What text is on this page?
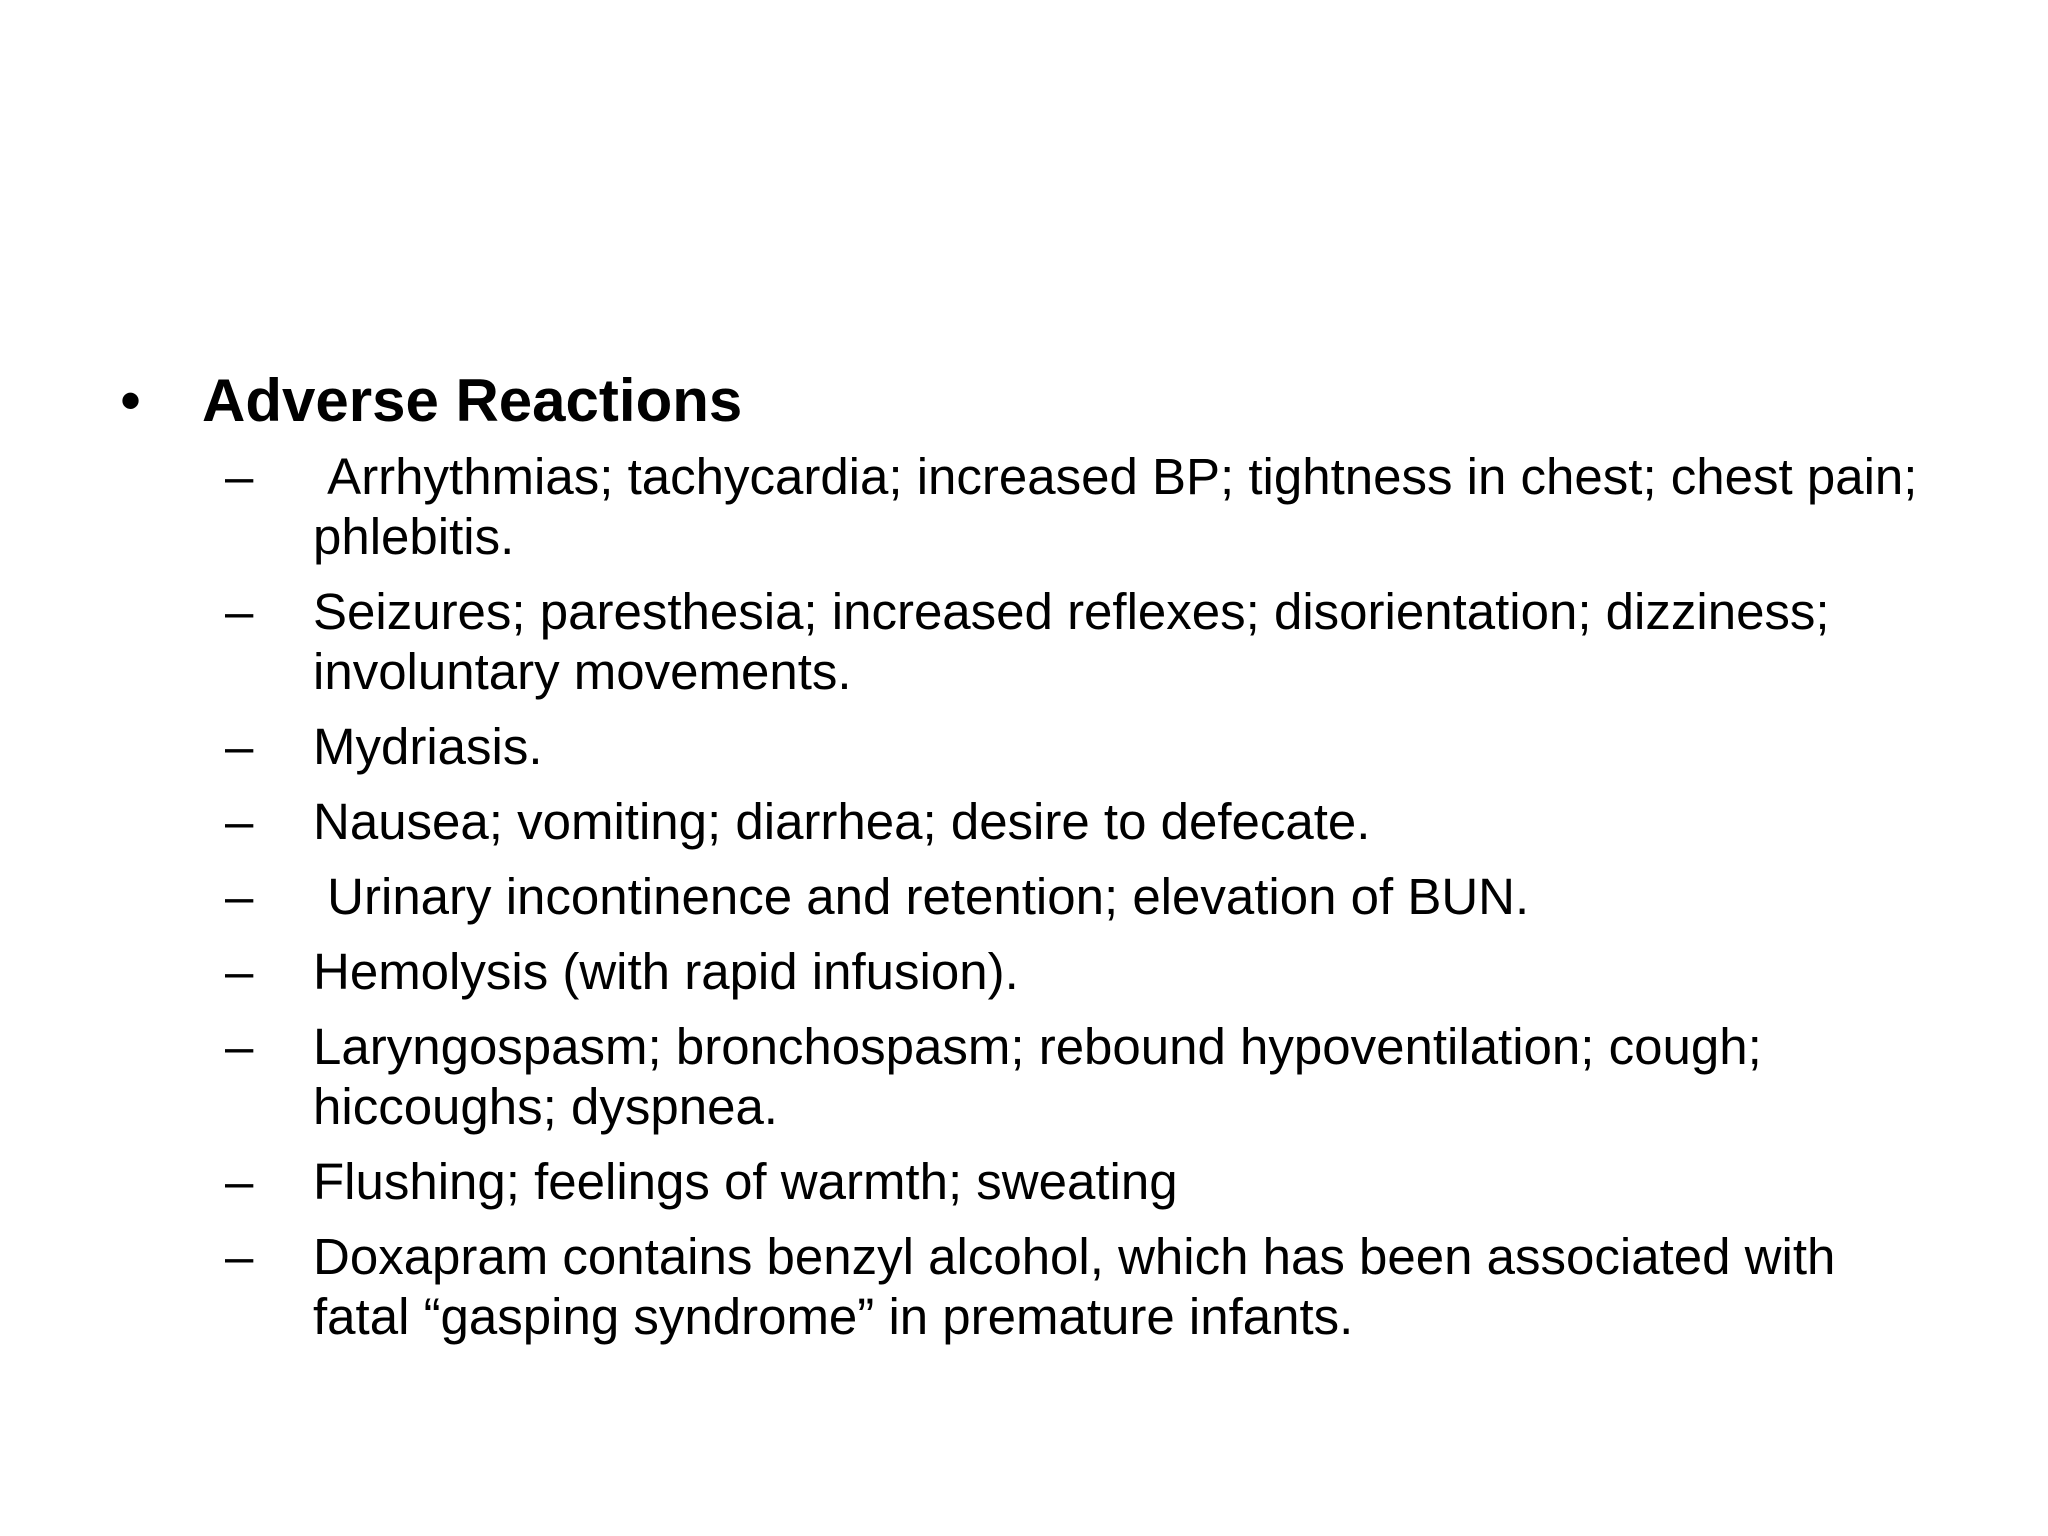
•	Adverse Reactions
–	Arrhythmias; tachycardia; increased BP; tightness in chest; chest pain; phlebitis.
–	Seizures; paresthesia; increased reflexes; disorientation; dizziness; involuntary movements.
–	Mydriasis.
–	Nausea; vomiting; diarrhea; desire to defecate.
–	Urinary incontinence and retention; elevation of BUN.
–	Hemolysis (with rapid infusion).
–	Laryngospasm; bronchospasm; rebound hypoventilation; cough; hiccoughs; dyspnea.
–	Flushing; feelings of warmth; sweating
–	Doxapram contains benzyl alcohol, which has been associated with fatal “gasping syndrome” in premature infants.
